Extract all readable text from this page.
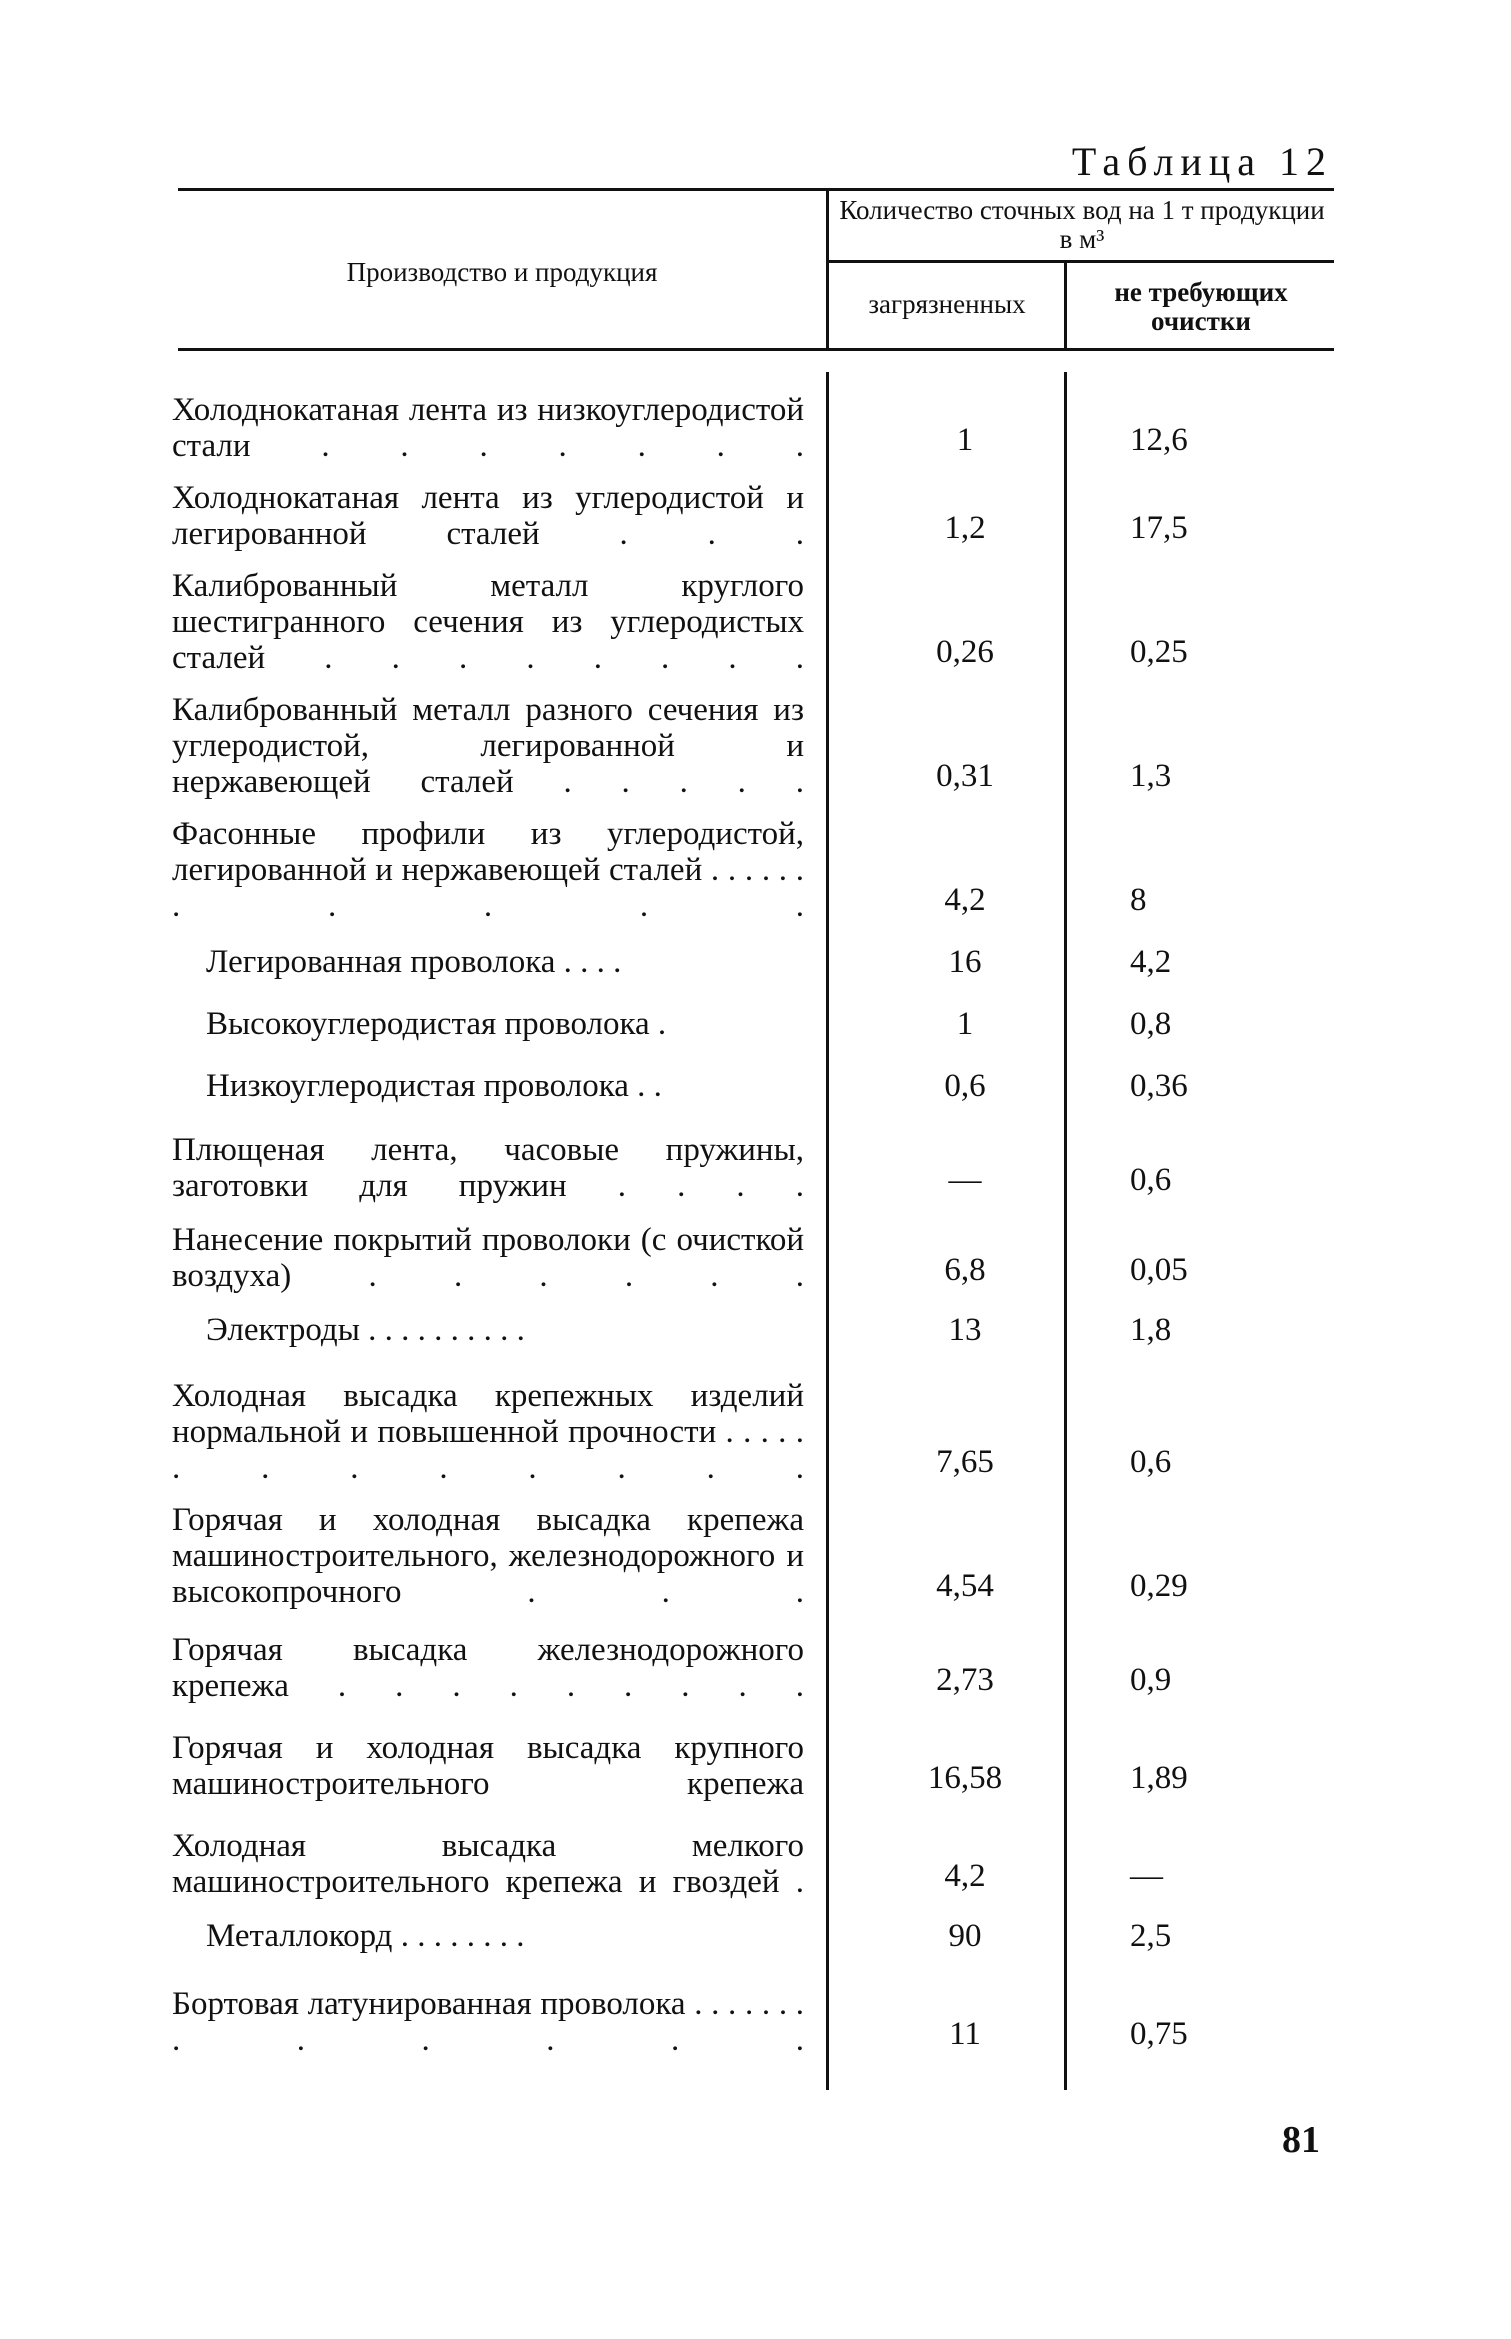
Таблица 12
Производство и продукция
Количество сточных вод на 1 т продукции в м³
загрязненных	не требующих очистки
Холоднокатаная лента из низкоуглеродистой стали . . . . . . .	1	12,6
Холоднокатаная лента из углеродистой и легированной сталей . . .	1,2	17,5
Калиброванный металл круглого шестигранного сечения из углеродистых сталей . . . . . . . .	0,26	0,25
Калиброванный металл разного сечения из углеродистой, легированной и нержавеющей сталей . . . . .	0,31	1,3
Фасонные профили из углеродистой, легированной и нержавеющей сталей . . . . . . . . . . .	4,2	8
Легированная проволока . . . .	16	4,2
Высокоуглеродистая проволока .	1	0,8
Низкоуглеродистая проволока . .	0,6	0,36
Плющеная лента, часовые пружины, заготовки для пружин . . . .	—	0,6
Нанесение покрытий проволоки (с очисткой воздуха) . . . . . .	6,8	0,05
Электроды . . . . . . . . . .	13	1,8
Холодная высадка крепежных изделий нормальной и повышенной прочности . . . . . . . . . . . . .	7,65	0,6
Горячая и холодная высадка крепежа машиностроительного, железнодорожного и высокопрочного . . .	4,54	0,29
Горячая высадка железнодорожного крепежа . . . . . . . . .	2,73	0,9
Горячая и холодная высадка крупного машиностроительного крепежа	16,58	1,89
Холодная высадка мелкого машиностроительного крепежа и гвоздей .	4,2	—
Металлокорд . . . . . . . .	90	2,5
Бортовая латунированная проволока . . . . . . . . . . . . .	11	0,75
81
